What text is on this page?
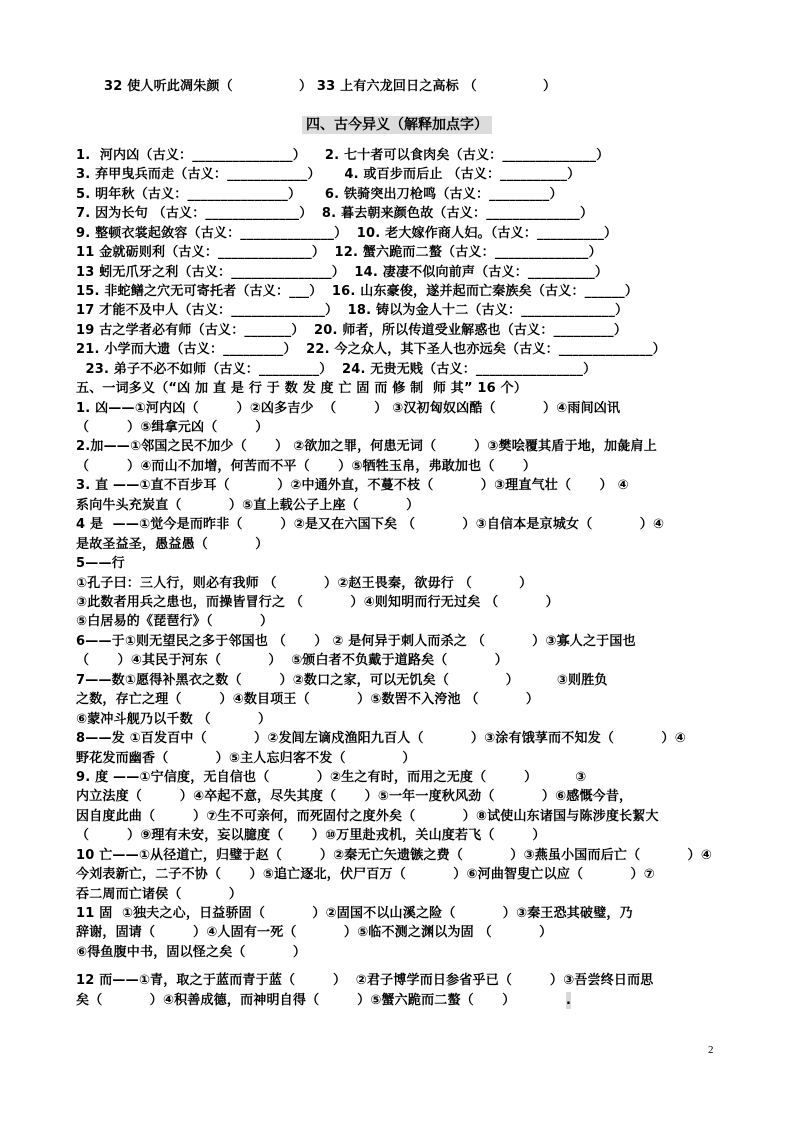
32 使人听此凋朱颜（              ） 33 上有六龙回日之高标 （              ）
四、古今异义（解释加点字）
1.  河内凶（古义：_______________）    2. 七十者可以食肉矣（古义：______________）
3. 弃甲曳兵而走（古义：____________）     4. 或百步而后止 （古义：__________）
5. 明年秋（古义：_______________）     6. 铁骑突出刀枪鸣（古义：_________）
7. 因为长句 （古义：______________）  8. 暮去朝来颜色故（古义：______________）
9. 整顿衣裳起敛容（古义：______________）  10. 老大嫁作商人妇。（古义：__________）
11 金就砺则利（古义：______________）  12. 蟹六跪而二螯（古义：______________）
13 蚓无爪牙之利（古义：_______________）  14. 凄凄不似向前声（古义：__________）
15. 非蛇鳝之穴无可寄托者（古义：___）  16. 山东豪俊，遂并起而亡秦族矣（古义：______）
17 才能不及中人（古义：______________）  18. 铸以为金人十二（古义：______________）
19 古之学者必有师（古义：_______）  20. 师者，所以传道受业解惑也（古义：_________）
21. 小学而大遗（古义：_________）  22. 今之众人，其下圣人也亦远矣（古义：______________）
23. 弟子不必不如师（古义：_________）  24. 无贵无贱（古义：________________）
五、一词多义（“凶 加 直 是 行 于 数 发 度 亡 固 而 修 制  师 其” 16 个）
1. 凶——①河内凶（        ）②凶多吉少  （        ） ③汉初匈奴凶酷（          ）④雨间凶讯
（        ）⑤缉拿元凶（        ）
2.加——①邻国之民不加少（      ） ②欲加之罪，何患无词（        ）③樊哙覆其盾于地，加彘肩上
（        ）④而山不加增，何苦而不平（      ）⑤牺牲玉帛，弗敢加也（      ）
3. 直 ——①直不百步耳（          ）②中通外直，不蔓不枝（          ）③理直气壮（      ） ④
系向牛头充炭直（          ）⑤直上载公子上座（          ）
4 是  ——①觉今是而昨非（        ）②是又在六国下矣 （          ）③自信本是京城女（          ）④
是故圣益圣，愚益愚（          ）
5——行
①孔子曰：三人行，则必有我师 （          ）②赵王畏秦，欲毋行 （          ）
③此数者用兵之患也，而操皆冒行之 （          ）④则知明而行无过矣 （          ）
⑤白居易的《琵琶行》（          ）
6——于①则无望民之多于邻国也 （      ） ② 是何异于刺人而杀之 （          ）③寡人之于国也
（      ）④其民于河东（          ）  ⑤颁白者不负戴于道路矣（          ）
7——数①愿得补黑衣之数（        ）②数口之家，可以无饥矣（            ）        ③则胜负
之数，存亡之理（        ）④数目项王（          ）⑤数罟不入洿池 （          ）
⑥蒙冲斗舰乃以千数 （          ）
8——发 ①百发百中（          ）②发闾左谪戍渔阳九百人（          ）③涂有饿莩而不知发（          ）④
野花发而幽香（          ）⑤主人忘归客不发（            ）
9. 度 ——①宁信度，无自信也（          ）②生之有时，而用之无度（        ）        ③
内立法度（        ）④卒起不意，尽失其度（      ）⑤一年一度秋风劲（          ）⑥感慨今昔，
因自度此曲（        ）⑦生不可亲何，而死固付之度外矣（          ）⑧试使山东诸国与陈涉度长絜大
（        ）⑨理有未安，妄以臆度（      ）⑩万里赴戎机，关山度若飞（        ）
10 亡——①从径道亡，归璧于赵（        ）②秦无亡矢遗镞之费（          ）③燕虽小国而后亡（          ）④
今刘表新亡，二子不协（      ）⑤追亡逐北，伏尸百万（          ）⑥河曲智叟亡以应（          ）⑦
吞二周而亡诸侯（          ）
11 固  ①独夫之心，日益骄固（          ）②固国不以山溪之险（          ）③秦王恐其破璧，乃
辞谢，固请（        ）④人固有一死（          ）⑤临不测之渊以为固 （          ）
⑥得鱼腹中书，固以怪之矣（          ）
12 而——①青，取之于蓝而青于蓝（        ）  ②君子博学而日参省乎已（        ）③吾尝终日而思
矣（          ）④积善成德，而神明自得（        ）⑤蟹六跪而二螯（      ）	.
2
